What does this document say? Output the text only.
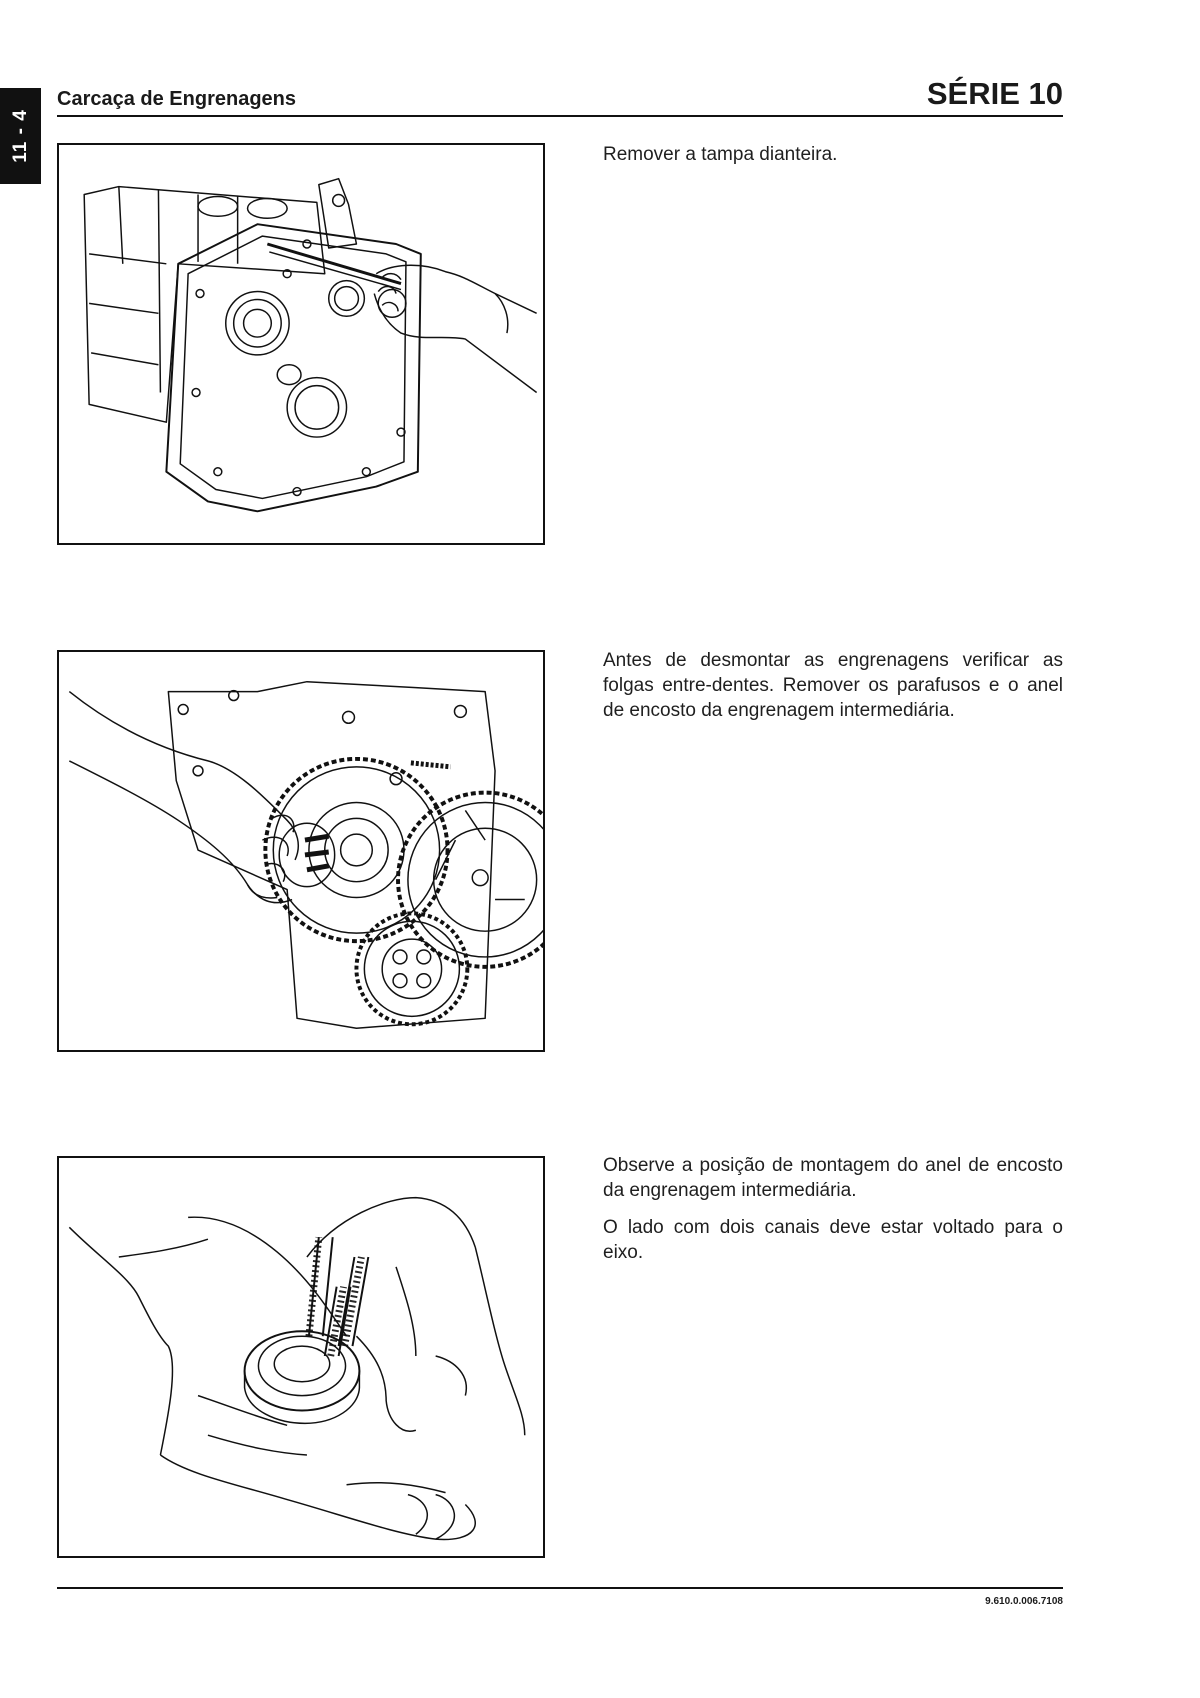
11 - 4
Carcaça de Engrenagens	SÉRIE 10

Remover a tampa dianteira.

Antes de desmontar as engrenagens verificar as folgas entre-dentes. Remover os parafusos e o anel de encosto da engrenagem intermediária.

Observe a posição de montagem do anel de encosto da engrenagem intermediária.

O lado com dois canais deve estar voltado para o eixo.

9.610.0.006.7108
